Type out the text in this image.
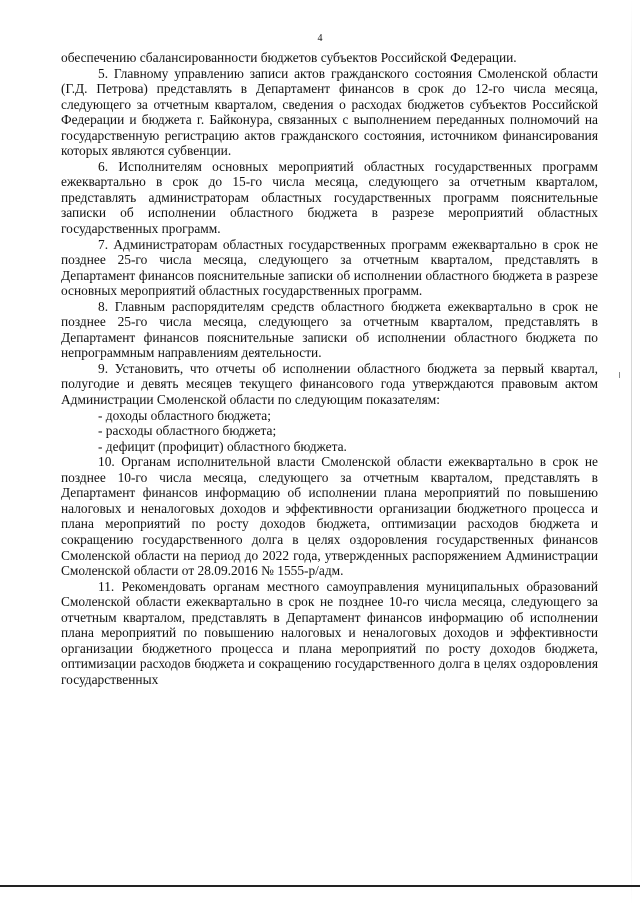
4

обеспечению сбалансированности бюджетов субъектов Российской Федерации.

5. Главному управлению записи актов гражданского состояния Смоленской области (Г.Д. Петрова) представлять в Департамент финансов в срок до 12-го числа месяца, следующего за отчетным кварталом, сведения о расходах бюджетов субъектов Российской Федерации и бюджета г. Байконура, связанных с выполнением переданных полномочий на государственную регистрацию актов гражданского состояния, источником финансирования которых являются субвенции.

6. Исполнителям основных мероприятий областных государственных программ ежеквартально в срок до 15-го числа месяца, следующего за отчетным кварталом, представлять администраторам областных государственных программ пояснительные записки об исполнении областного бюджета в разрезе мероприятий областных государственных программ.

7. Администраторам областных государственных программ ежеквартально в срок не позднее 25-го числа месяца, следующего за отчетным кварталом, представлять в Департамент финансов пояснительные записки об исполнении областного бюджета в разрезе основных мероприятий областных государственных программ.

8. Главным распорядителям средств областного бюджета ежеквартально в срок не позднее 25-го числа месяца, следующего за отчетным кварталом, представлять в Департамент финансов пояснительные записки об исполнении областного бюджета по непрограммным направлениям деятельности.

9. Установить, что отчеты об исполнении областного бюджета за первый квартал, полугодие и девять месяцев текущего финансового года утверждаются правовым актом Администрации Смоленской области по следующим показателям:

- доходы областного бюджета;

- расходы областного бюджета;

- дефицит (профицит) областного бюджета.

10. Органам исполнительной власти Смоленской области ежеквартально в срок не позднее 10-го числа месяца, следующего за отчетным кварталом, представлять в Департамент финансов информацию об исполнении плана мероприятий по повышению налоговых и неналоговых доходов и эффективности организации бюджетного процесса и плана мероприятий по росту доходов бюджета, оптимизации расходов бюджета и сокращению государственного долга в целях оздоровления государственных финансов Смоленской области на период до 2022 года, утвержденных распоряжением Администрации Смоленской области от 28.09.2016 № 1555-р/адм.

11. Рекомендовать органам местного самоуправления муниципальных образований Смоленской области ежеквартально в срок не позднее 10-го числа месяца, следующего за отчетным кварталом, представлять в Департамент финансов информацию об исполнении плана мероприятий по повышению налоговых и неналоговых доходов и эффективности организации бюджетного процесса и плана мероприятий по росту доходов бюджета, оптимизации расходов бюджета и сокращению государственного долга в целях оздоровления государственных
